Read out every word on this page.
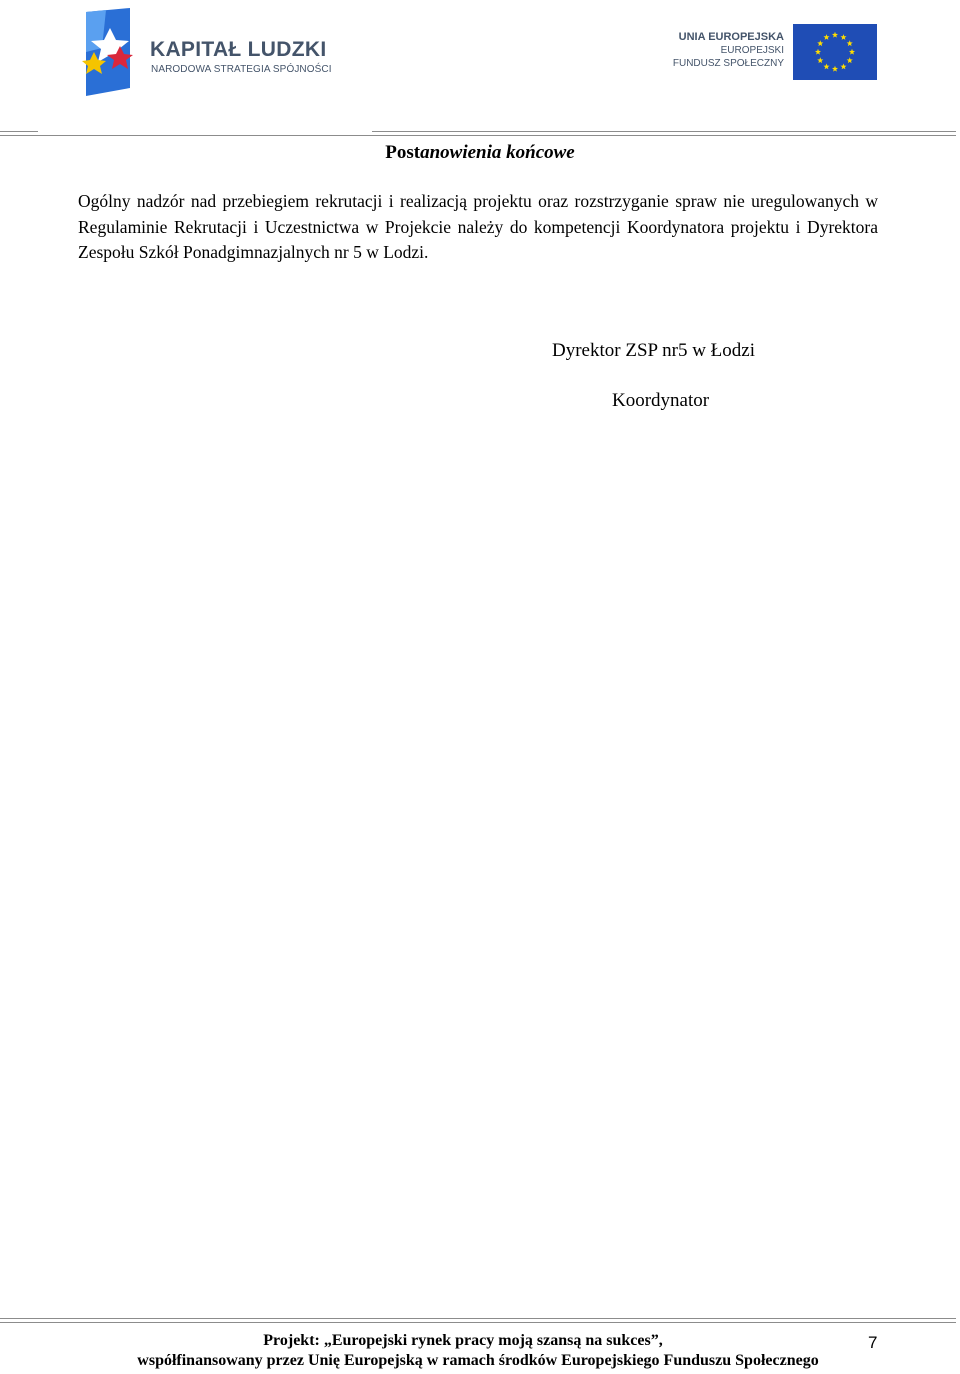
KAPITAŁ LUDZKI
NARODOWA STRATEGIA SPÓJNOŚCI
UNIA EUROPEJSKA
EUROPEJSKI
FUNDUSZ SPOŁECZNY
Postanowienia końcowe
Ogólny nadzór nad przebiegiem rekrutacji i realizacją projektu oraz rozstrzyganie spraw nie uregulowanych w Regulaminie Rekrutacji i Uczestnictwa w Projekcie należy do kompetencji Koordynatora projektu i Dyrektora Zespołu Szkół Ponadgimnazjalnych nr 5 w Lodzi.
Dyrektor ZSP nr5 w Łodzi
Koordynator
Projekt: „Europejski rynek pracy moją szansą na sukces”,
współfinansowany przez Unię Europejską w ramach środków Europejskiego Funduszu Społecznego
7
